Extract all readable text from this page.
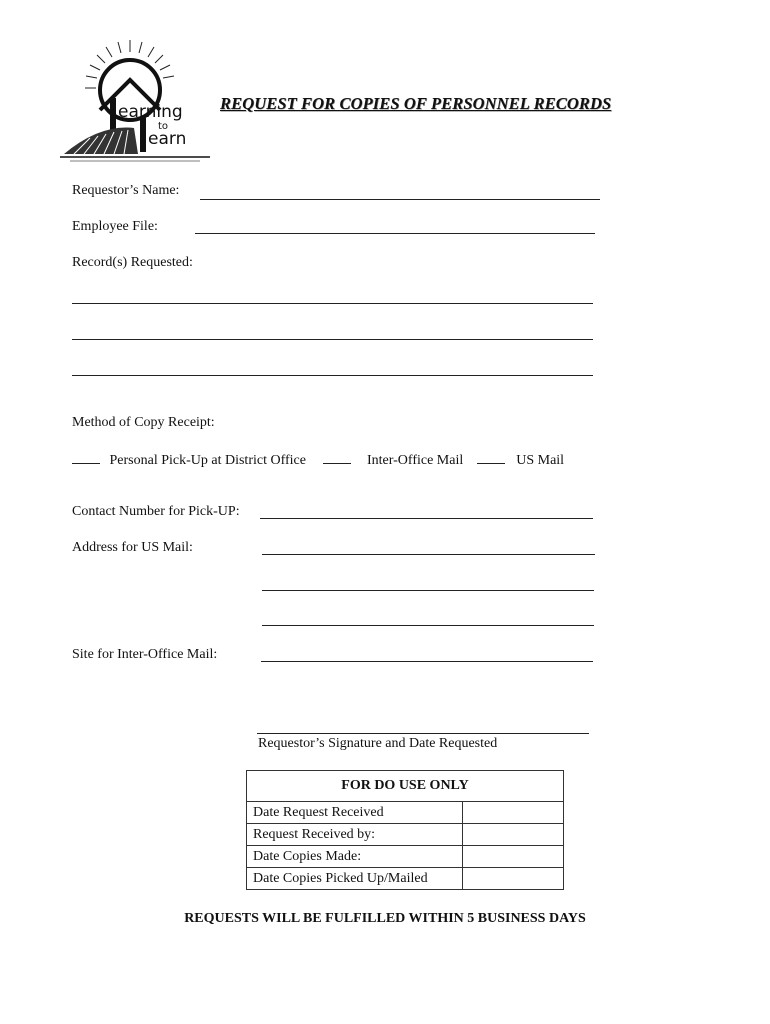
earning
to
earn
REQUEST FOR COPIES OF PERSONNEL RECORDS
Requestor’s Name:
Employee File:
Record(s) Requested:
Method of Copy Receipt:
Personal Pick-Up at District Office	Inter-Office Mail	US Mail
Contact Number for Pick-UP:
Address for US Mail:
Site for Inter-Office Mail:
Requestor’s Signature and Date Requested
FOR DO USE ONLY	
Date Request Received	
Request Received by:	
Date Copies Made:	
Date Copies Picked Up/Mailed	
REQUESTS WILL BE FULFILLED WITHIN 5 BUSINESS DAYS
